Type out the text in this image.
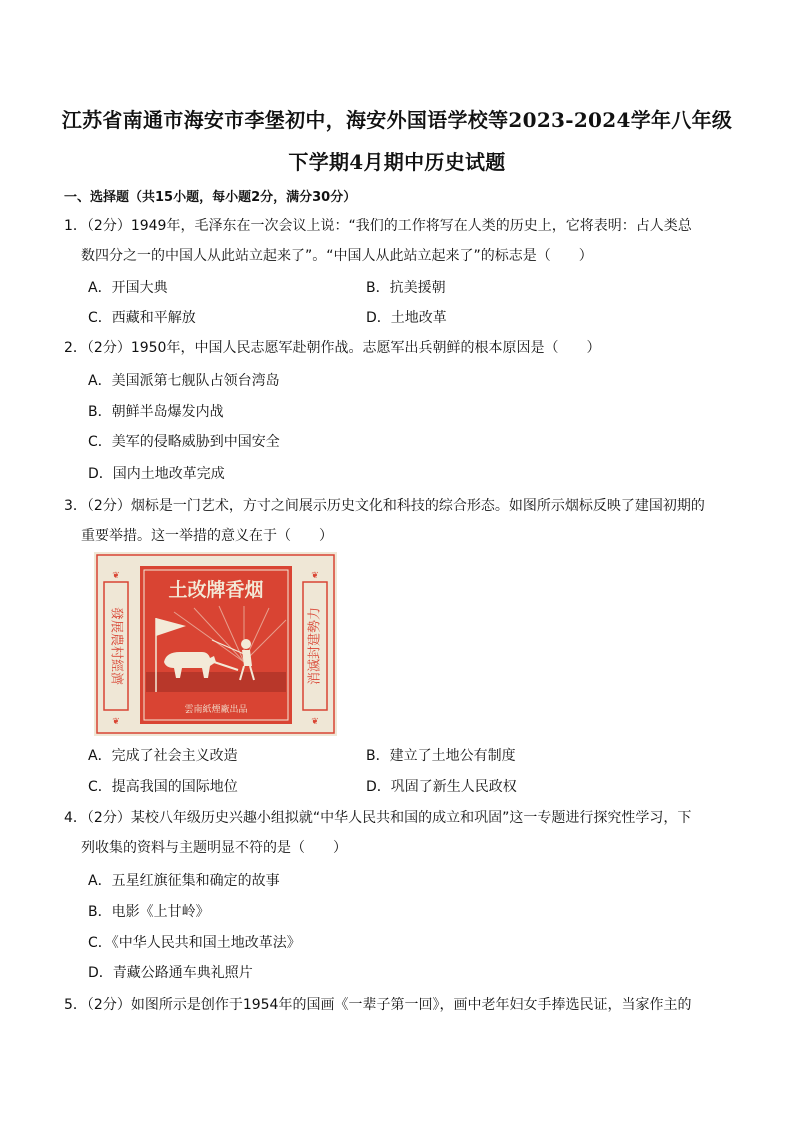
江苏省南通市海安市李堡初中，海安外国语学校等2023-2024学年八年级
下学期4月期中历史试题
一、选择题（共15小题，每小题2分，满分30分）
1．（2分）1949年，毛泽东在一次会议上说：“我们的工作将写在人类的历史上，它将表明：占人类总
数四分之一的中国人从此站立起来了”。“中国人从此站立起来了”的标志是（　　）
A．开国大典	B．抗美援朝
C．西藏和平解放	D．土地改革
2．（2分）1950年，中国人民志愿军赴朝作战。志愿军出兵朝鲜的根本原因是（　　）
A．美国派第七舰队占领台湾岛
B．朝鲜半岛爆发内战
C．美军的侵略威胁到中国安全
D．国内土地改革完成
3．（2分）烟标是一门艺术，方寸之间展示历史文化和科技的综合形态。如图所示烟标反映了建国初期的
重要举措。这一举措的意义在于（　　）
❦
❦
發展農村經濟
❦
❦
消滅封建勢力
土改牌香烟
雲南紙煙廠出品
A．完成了社会主义改造	B．建立了土地公有制度
C．提高我国的国际地位	D．巩固了新生人民政权
4．（2分）某校八年级历史兴趣小组拟就“中华人民共和国的成立和巩固”这一专题进行探究性学习，下
列收集的资料与主题明显不符的是（　　）
A．五星红旗征集和确定的故事
B．电影《上甘岭》
C．《中华人民共和国土地改革法》
D．青藏公路通车典礼照片
5．（2分）如图所示是创作于1954年的国画《一辈子第一回》，画中老年妇女手捧选民证，当家作主的
